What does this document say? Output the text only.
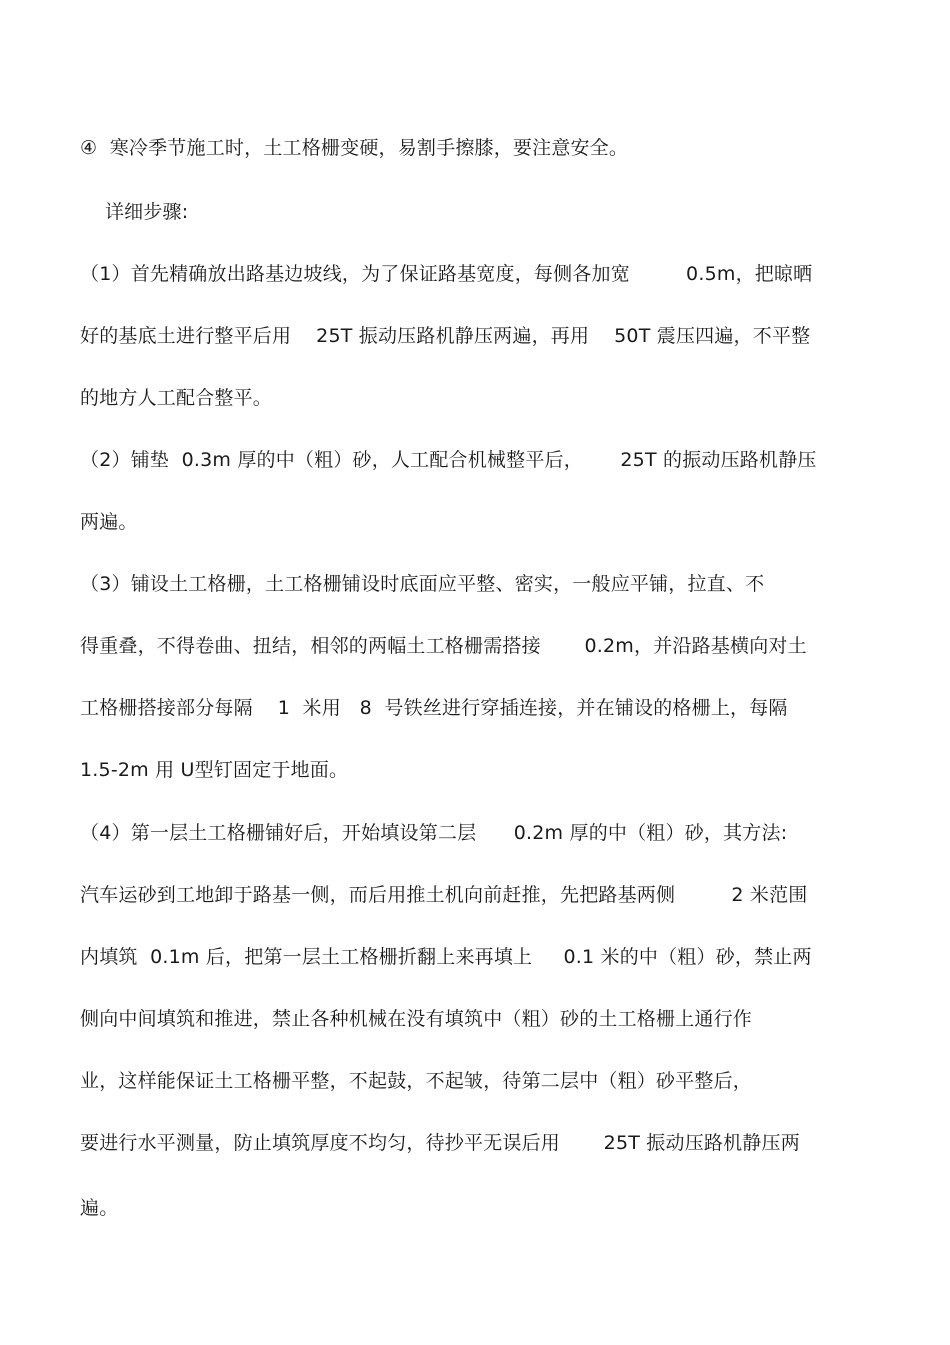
④  寒冷季节施工时，土工格栅变硬，易割手擦膝，要注意安全。
详细步骤:
（1）首先精确放出路基边坡线，为了保证路基宽度，每侧各加宽         0.5m，把晾晒
好的基底土进行整平后用    25T 振动压路机静压两遍，再用    50T 震压四遍，不平整
的地方人工配合整平。
（2）铺垫  0.3m 厚的中（粗）砂，人工配合机械整平后，      25T 的振动压路机静压
两遍。
（3）铺设土工格栅，土工格栅铺设时底面应平整、密实，一般应平铺，拉直、不
得重叠，不得卷曲、扭结，相邻的两幅土工格栅需搭接       0.2m，并沿路基横向对土
工格栅搭接部分每隔    1  米用   8  号铁丝进行穿插连接，并在铺设的格栅上，每隔
1.5-2m 用 U型钉固定于地面。
（4）第一层土工格栅铺好后，开始填设第二层      0.2m 厚的中（粗）砂，其方法:
汽车运砂到工地卸于路基一侧，而后用推土机向前赶推，先把路基两侧         2 米范围
内填筑  0.1m 后，把第一层土工格栅折翻上来再填上     0.1 米的中（粗）砂，禁止两
侧向中间填筑和推进，禁止各种机械在没有填筑中（粗）砂的土工格栅上通行作
业，这样能保证土工格栅平整，不起鼓，不起皱，待第二层中（粗）砂平整后，
要进行水平测量，防止填筑厚度不均匀，待抄平无误后用       25T 振动压路机静压两
遍。
